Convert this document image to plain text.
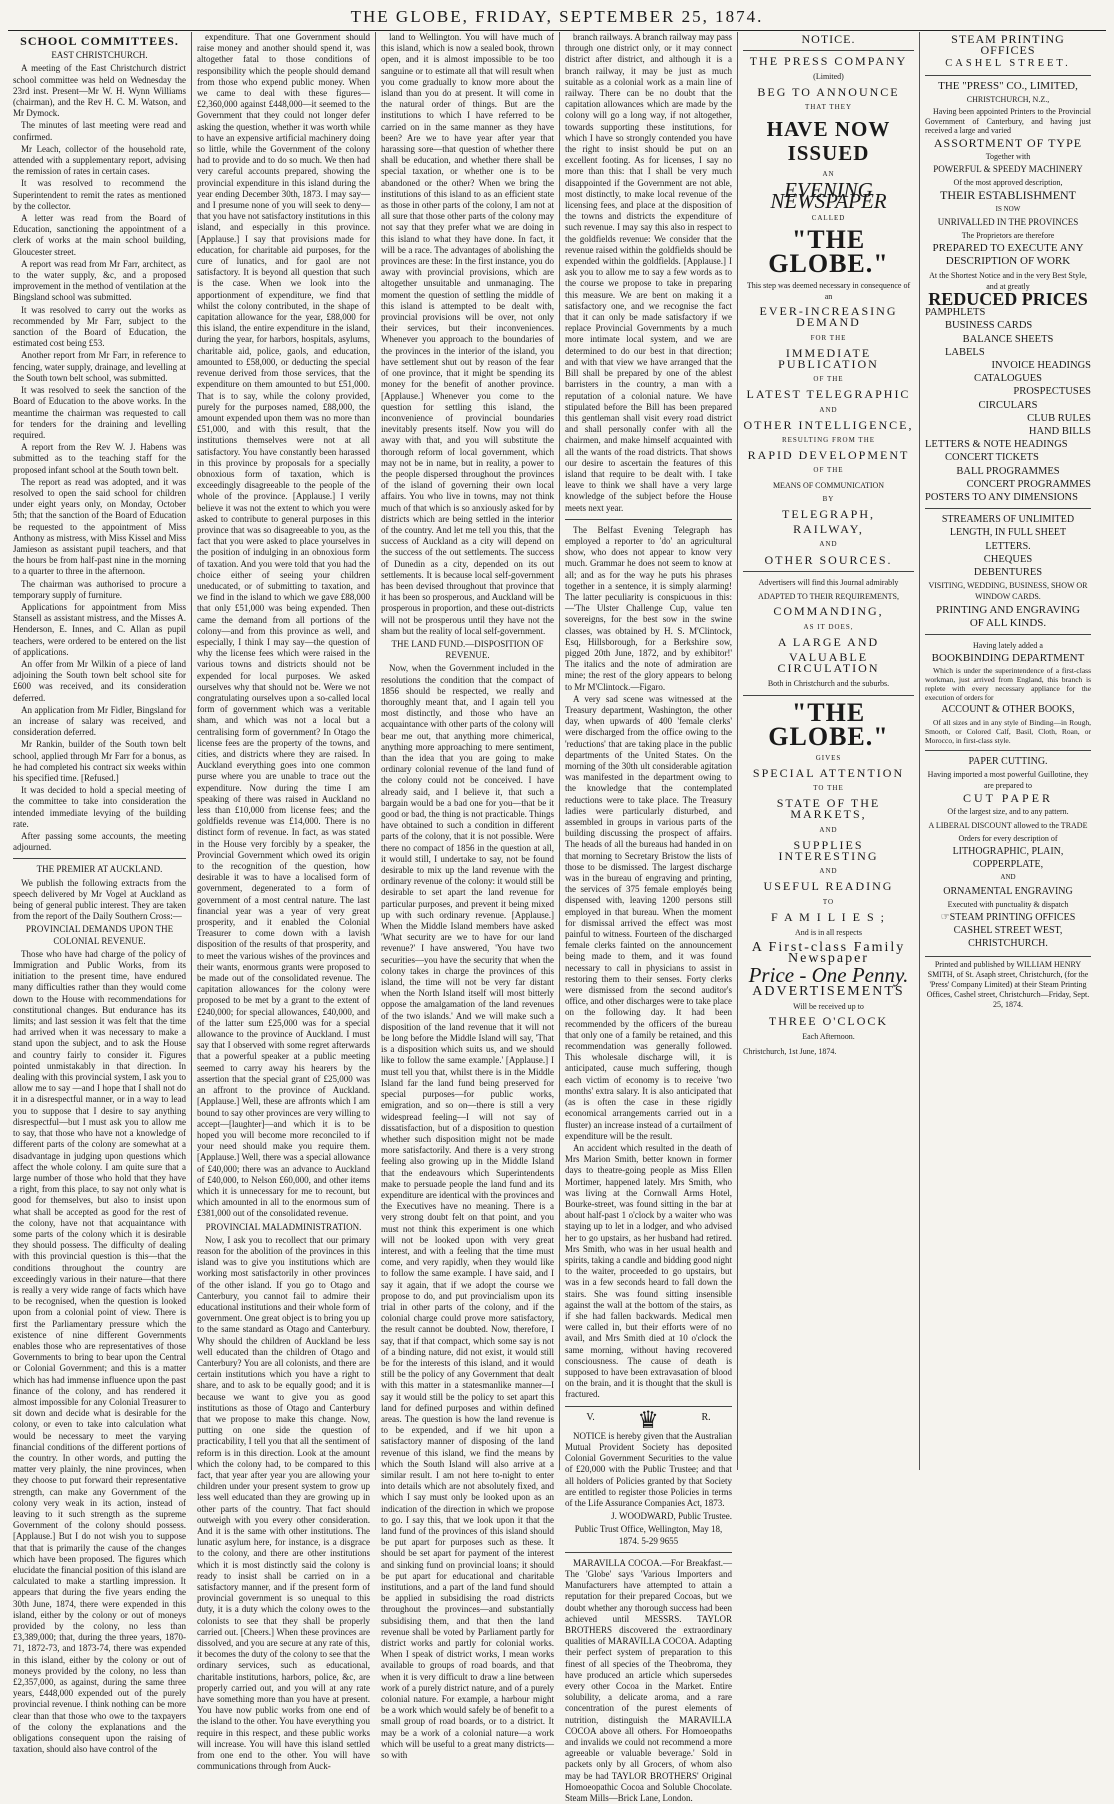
THE GLOBE, FRIDAY, SEPTEMBER 25, 1874.
SCHOOL COMMITTEES.
EAST CHRISTCHURCH.

A meeting of the East Christchurch district school committee was held on Wednesday the 23rd inst. Present—Mr W. H. Wynn Williams (chairman), and the Rev H. C. M. Watson, and Mr Dymock.

The minutes of last meeting were read and confirmed.

Mr Leach, collector of the household rate, attended with a supplementary report, advising the remission of rates in certain cases.

It was resolved to recommend the Superintendent to remit the rates as mentioned by the collector.

A letter was read from the Board of Education, sanctioning the appointment of a clerk of works at the main school building, Gloucester street.

A report was read from Mr Farr, architect, as to the water supply, &c, and a proposed improvement in the method of ventilation at the Bingsland school was submitted.

It was resolved to carry out the works as recommended by Mr Farr, subject to the sanction of the Board of Education, the estimated cost being £53.

Another report from Mr Farr, in reference to fencing, water supply, drainage, and levelling at the South town belt school, was submitted.

It was resolved to seek the sanction of the Board of Education to the above works. In the meantime the chairman was requested to call for tenders for the draining and levelling required.

A report from the Rev W. J. Habens was submitted as to the teaching staff for the proposed infant school at the South town belt.

The report as read was adopted, and it was resolved to open the said school for children under eight years only, on Monday, October 5th; that the sanction of the Board of Education be requested to the appointment of Miss Anthony as mistress, with Miss Kissel and Miss Jamieson as assistant pupil teachers, and that the hours be from half-past nine in the morning to a quarter to three in the afternoon.

The chairman was authorised to procure a temporary supply of furniture.

Applications for appointment from Miss Stansell as assistant mistress, and the Misses A. Henderson, E. Innes, and C. Allan as pupil teachers, were ordered to be entered on the list of applications.

An offer from Mr Wilkin of a piece of land adjoining the South town belt school site for £600 was received, and its consideration deferred.

An application from Mr Fidler, Bingsland for an increase of salary was received, and consideration deferred.

Mr Rankin, builder of the South town belt school, applied through Mr Farr for a bonus, as he had completed his contract six weeks within his specified time. [Refused.]

It was decided to hold a special meeting of the committee to take into consideration the intended immediate levying of the building rate.

After passing some accounts, the meeting adjourned.

THE PREMIER AT AUCKLAND.

We publish the following extracts from the speech delivered by Mr Vogel at Auckland as being of general public interest. They are taken from the report of the Daily Southern Cross:—

PROVINCIAL DEMANDS UPON THE COLONIAL REVENUE.

Those who have had charge of the policy of Immigration and Public Works, from its initiation to the present time, have endured many difficulties rather than they would come down to the House with recommendations for constitutional changes. But endurance has its limits; and last session it was felt that the time had arrived when it was necessary to make a stand upon the subject, and to ask the House and country fairly to consider it. Figures pointed unmistakably in that direction. In dealing with this provincial system, I ask you to allow me to say —and I hope that I shall not do it in a disrespectful manner, or in a way to lead you to suppose that I desire to say anything disrespectful—but I must ask you to allow me to say, that those who have not a knowledge of different parts of the colony are somewhat at a disadvantage in judging upon questions which affect the whole colony. I am quite sure that a large number of those who hold that they have a right, from this place, to say not only what is good for themselves, but also to insist upon what shall be accepted as good for the rest of the colony, have not that acquaintance with some parts of the colony which it is desirable they should possess. The difficulty of dealing with this provincial question is this—that the conditions throughout the country are exceedingly various in their nature—that there is really a very wide range of facts which have to be recognised, when the question is looked upon from a colonial point of view. There is first the Parliamentary pressure which the existence of nine different Governments enables those who are representatives of those Governments to bring to bear upon the Central or Colonial Government; and this is a matter which has had immense influence upon the past finance of the colony, and has rendered it almost impossible for any Colonial Treasurer to sit down and decide what is desirable for the colony, or even to take into calculation what would be necessary to meet the varying financial conditions of the different portions of the country. In other words, and putting the matter very plainly, the nine provinces, when they choose to put forward their representative strength, can make any Government of the colony very weak in its action, instead of leaving to it such strength as the supreme Government of the colony should possess. [Applause.] But I do not wish you to suppose that that is primarily the cause of the changes which have been proposed. The figures which elucidate the financial position of this island are calculated to make a startling impression. It appears that during the five years ending the 30th June, 1874, there were expended in this island, either by the colony or out of moneys provided by the colony, no less than £3,389,000; that, during the three years, 1870-71, 1872-73, and 1873-74, there was expended in this island, either by the colony or out of moneys provided by the colony, no less than £2,357,000, as against, during the same three years, £448,000 expended out of the purely provincial revenue. I think nothing can be more clear than that those who owe to the taxpayers of the colony the explanations and the obligations consequent upon the raising of taxation, should also have control of the

expenditure. That one Government should raise money and another should spend it, was altogether fatal to those conditions of responsibility which the people should demand from those who expend public money. When we came to deal with these figures—£2,360,000 against £448,000—it seemed to the Government that they could not longer defer asking the question, whether it was worth while to have an expensive artificial machinery doing so little, while the Government of the colony had to provide and to do so much. We then had very careful accounts prepared, showing the provincial expenditure in this island during the year ending December 30th, 1873. I may say—and I presume none of you will seek to deny—that you have not satisfactory institutions in this island, and especially in this province. [Applause.] I say that provisions made for education, for charitable aid purposes, for the cure of lunatics, and for gaol are not satisfactory. It is beyond all question that such is the case. When we look into the apportionment of expenditure, we find that whilst the colony contributed, in the shape of capitation allowance for the year, £88,000 for this island, the entire expenditure in the island, during the year, for harbors, hospitals, asylums, charitable aid, police, gaols, and education, amounted to £58,000, or deducting the special revenue derived from those services, that the expenditure on them amounted to but £51,000. That is to say, while the colony provided, purely for the purposes named, £88,000, the amount expended upon them was no more than £51,000, and with this result, that the institutions themselves were not at all satisfactory. You have constantly been harassed in this province by proposals for a specially obnoxious form of taxation, which is exceedingly disagreeable to the people of the whole of the province. [Applause.] I verily believe it was not the extent to which you were asked to contribute to general purposes in this province that was so disagreeable to you, as the fact that you were asked to place yourselves in the position of indulging in an obnoxious form of taxation. And you were told that you had the choice either of seeing your children uneducated, or of submitting to taxation, and we find in the island to which we gave £88,000 that only £51,000 was being expended. Then came the demand from all portions of the colony—and from this province as well, and especially, I think I may say—the question of why the license fees which were raised in the various towns and districts should not be expended for local purposes. We asked ourselves why that should not be. Were we not congratulating ourselves upon a so-called local form of government which was a veritable sham, and which was not a local but a centralising form of government? In Otago the license fees are the property of the towns, and cities, and districts where they are raised. In Auckland everything goes into one common purse where you are unable to trace out the expenditure. Now during the time I am speaking of there was raised in Auckland no less than £10,000 from license fees; and the goldfields revenue was £14,000. There is no distinct form of revenue. In fact, as was stated in the House very forcibly by a speaker, the Provincial Government which owed its origin to the recognition of the question, how desirable it was to have a localised form of government, degenerated to a form of government of a most central nature. The last financial year was a year of very great prosperity, and it enabled the Colonial Treasurer to come down with a lavish disposition of the results of that prosperity, and to meet the various wishes of the provinces and their wants, enormous grants were proposed to be made out of the consolidated revenue. The capitation allowances for the colony were proposed to be met by a grant to the extent of £240,000; for special allowances, £40,000, and of the latter sum £25,000 was for a special allowance to the province of Auckland. I must say that I observed with some regret afterwards that a powerful speaker at a public meeting seemed to carry away his hearers by the assertion that the special grant of £25,000 was an affront to the province of Auckland. [Applause.] Well, these are affronts which I am bound to say other provinces are very willing to accept—[laughter]—and which it is to be hoped you will become more reconciled to if your need should make you require them. [Applause.] Well, there was a special allowance of £40,000; there was an advance to Auckland of £40,000, to Nelson £60,000, and other items which it is unnecessary for me to recount, but which amounted in all to the enormous sum of £381,000 out of the consolidated revenue.

PROVINCIAL MALADMINISTRATION.

Now, I ask you to recollect that our primary reason for the abolition of the provinces in this island was to give you institutions which are working most satisfactorily in other provinces of the other island. If you go to Otago and Canterbury, you cannot fail to admire their educational institutions and their whole form of government. One great object is to bring you up to the same standard as Otago and Canterbury. Why should the children of Auckland be less well educated than the children of Otago and Canterbury? You are all colonists, and there are certain institutions which you have a right to share, and to ask to be equally good; and it is because we want to give you as good institutions as those of Otago and Canterbury that we propose to make this change. Now, putting on one side the question of practicability, I tell you that all the sentiment of reform is in this direction. Look at the amount which the colony had, to be compared to this fact, that year after year you are allowing your children under your present system to grow up less well educated than they are growing up in other parts of the country. That fact should outweigh with you every other consideration. And it is the same with other institutions. The lunatic asylum here, for instance, is a disgrace to the colony, and there are other institutions which it is most distinctly said the colony is ready to insist shall be carried on in a satisfactory manner, and if the present form of provincial government is so unequal to this duty, it is a duty which the colony owes to the colonists to see that they shall be properly carried out. [Cheers.] When these provinces are dissolved, and you are secure at any rate of this, it becomes the duty of the colony to see that the ordinary services, such as educational, charitable institutions, harbors, police, &c, are properly carried out, and you will at any rate have something more than you have at present. You have now public works from one end of the island to the other. You have everything you require in this respect, and these public works will increase. You will have this island settled from one end to the other. You will have communications through from Auck-

land to Wellington. You will have much of this island, which is now a sealed book, thrown open, and it is almost impossible to be too sanguine or to estimate all that will result when you come gradually to know more about the island than you do at present. It will come in the natural order of things. But are the institutions to which I have referred to be carried on in the same manner as they have been? Are we to have year after year that harassing sore—that question of whether there shall be education, and whether there shall be special taxation, or whether one is to be abandoned or the other? When we bring the institutions of this island to as an efficient state as those in other parts of the colony, I am not at all sure that those other parts of the colony may not say that they prefer what we are doing in this island to what they have done. In fact, it will be a race. The advantages of abolishing the provinces are these: In the first instance, you do away with provincial provisions, which are altogether unsuitable and unmanaging. The moment the question of settling the middle of this island is attempted to be dealt with, provincial provisions will be over, not only their services, but their inconveniences. Whenever you approach to the boundaries of the provinces in the interior of the island, you have settlement shut out by reason of the fear of one province, that it might be spending its money for the benefit of another province. [Applause.] Whenever you come to the question for settling this island, the inconvenience of provincial boundaries inevitably presents itself. Now you will do away with that, and you will substitute the thorough reform of local government, which may not be in name, but in reality, a power to the people dispersed throughout the provinces of the island of governing their own local affairs. You who live in towns, may not think much of that which is so anxiously asked for by districts which are being settled in the interior of the country. And let me tell you this, that the success of Auckland as a city will depend on the success of the out settlements. The success of Dunedin as a city, depended on its out settlements. It is because local self-government has been devised throughout that province that it has been so prosperous, and Auckland will be prosperous in proportion, and these out-districts will not be prosperous until they have not the sham but the reality of local self-government.

THE LAND FUND.—DISPOSITION OF REVENUE.

Now, when the Government included in the resolutions the condition that the compact of 1856 should be respected, we really and thoroughly meant that, and I again tell you most distinctly, and those who have an acquaintance with other parts of the colony will bear me out, that anything more chimerical, anything more approaching to mere sentiment, than the idea that you are going to make ordinary colonial revenue of the land fund of the colony could not be conceived. I have already said, and I believe it, that such a bargain would be a bad one for you—that be it good or bad, the thing is not practicable. Things have obtained to such a condition in different parts of the colony, that it is not possible. Were there no compact of 1856 in the question at all, it would still, I undertake to say, not be found desirable to mix up the land revenue with the ordinary revenue of the colony: it would still be desirable to set apart the land revenue for particular purposes, and prevent it being mixed up with such ordinary revenue. [Applause.] When the Middle Island members have asked 'What security are we to have for our land revenue?' I have answered, 'You have two securities—you have the security that when the colony takes in charge the provinces of this island, the time will not be very far distant when the North Island itself will most bitterly oppose the amalgamation of the land revenues of the two islands.' And we will make such a disposition of the land revenue that it will not be long before the Middle Island will say, 'That is a disposition which suits us, and we should like to follow the same example.' [Applause.] I must tell you that, whilst there is in the Middle Island far the land fund being preserved for special purposes—for public works, emigration, and so on—there is still a very widespread feeling—I will not say of dissatisfaction, but of a disposition to question whether such disposition might not be made more satisfactorily. And there is a very strong feeling also growing up in the Middle Island that the endeavours which Superintendents make to persuade people the land fund and its expenditure are identical with the provinces and the Executives have no meaning. There is a very strong doubt felt on that point, and you must not think this experiment is one which will not be looked upon with very great interest, and with a feeling that the time must come, and very rapidly, when they would like to follow the same example. I have said, and I say it again, that if we adopt the course we propose to do, and put provincialism upon its trial in other parts of the colony, and if the colonial charge could prove more satisfactory, the result cannot be doubted. Now, therefore, I say, that if that compact, which some say is not of a binding nature, did not exist, it would still be for the interests of this island, and it would still be the policy of any Government that dealt with this matter in a statesmanlike manner—I say it would still be the policy to set apart this land for defined purposes and within defined areas. The question is how the land revenue is to be expended, and if we hit upon a satisfactory manner of disposing of the land revenue of this island, we find the means by which the South Island will also arrive at a similar result. I am not here to-night to enter into details which are not absolutely fixed, and which I say must only be looked upon as an indication of the direction in which we propose to go. I say this, that we look upon it that the land fund of the provinces of this island should be put apart for purposes such as these. It should be set apart for payment of the interest and sinking fund on provincial loans; it should be put apart for educational and charitable institutions, and a part of the land fund should be applied in subsidising the road districts throughout the provinces—and substantially subsidising them, and that then the land revenue shall be voted by Parliament partly for district works and partly for colonial works. When I speak of district works, I mean works available to groups of road boards, and that when it is very difficult to draw a line between work of a purely district nature, and of a purely colonial nature. For example, a harbour might be a work which would safely be of benefit to a small group of road boards, or to a district. It may be a work of a colonial nature—a work which will be useful to a great many districts—so with

branch railways. A branch railway may pass through one district only, or it may connect district after district, and although it is a branch railway, it may be just as much suitable as a colonial work as a main line of railway. There can be no doubt that the capitation allowances which are made by the colony will go a long way, if not altogether, towards supporting these institutions, for which I have so strongly contended you have the right to insist should be put on an excellent footing. As for licenses, I say no more than this: that I shall be very much disappointed if the Government are not able, most distinctly, to make local revenue of the licensing fees, and place at the disposition of the towns and districts the expenditure of such revenue. I may say this also in respect to the goldfields revenue: We consider that the revenue raised within the goldfields should be expended within the goldfields. [Applause.] I ask you to allow me to say a few words as to the course we propose to take in preparing this measure. We are bent on making it a satisfactory one, and we recognise the fact that it can only be made satisfactory if we replace Provincial Governments by a much more intimate local system, and we are determined to do our best in that direction; and with that view we have arranged that the Bill shall be prepared by one of the ablest barristers in the country, a man with a reputation of a colonial nature. We have stipulated before the Bill has been prepared this gentleman shall visit every road district and shall personally confer with all the chairmen, and make himself acquainted with all the wants of the road districts. That shows our desire to ascertain the features of this island that require to be dealt with. I take leave to think we shall have a very large knowledge of the subject before the House meets next year.

The Belfast Evening Telegraph has employed a reporter to 'do' an agricultural show, who does not appear to know very much. Grammar he does not seem to know at all; and as for the way he puts his phrases together in a sentence, it is simply alarming! The latter peculiarity is conspicuous in this:—'The Ulster Challenge Cup, value ten sovereigns, for the best sow in the swine classes, was obtained by H. S. M'Clintock, Esq, Hillsborough, for a Berkshire sow, pigged 20th June, 1872, and by exhibitor!' The italics and the note of admiration are mine; the rest of the glory appears to belong to Mr M'Clintock.—Figaro.

A very sad scene was witnessed at the Treasury department, Washington, the other day, when upwards of 400 'female clerks' were discharged from the office owing to the 'reductions' that are taking place in the public departments of the United States. On the morning of the 30th ult considerable agitation was manifested in the department owing to the knowledge that the contemplated reductions were to take place. The Treasury ladies were particularly disturbed, and assembled in groups in various parts of the building discussing the prospect of affairs. The heads of all the bureaus had handed in on that morning to Secretary Bristow the lists of those to be dismissed. The largest discharge was in the bureau of engraving and printing, the services of 375 female employés being dispensed with, leaving 1200 persons still employed in that bureau. When the moment for dismissal arrived the effect was most painful to witness. Fourteen of the discharged female clerks fainted on the announcement being made to them, and it was found necessary to call in physicians to assist in restoring them to their senses. Forty clerks were dismissed from the second auditor's office, and other discharges were to take place on the following day. It had been recommended by the officers of the bureau that only one of a family be retained, and this recommendation was generally followed. This wholesale discharge will, it is anticipated, cause much suffering, though each victim of economy is to receive 'two months' extra salary. It is also anticipated that (as is often the case in these rigidly economical arrangements carried out in a fluster) an increase instead of a curtailment of expenditure will be the result.

An accident which resulted in the death of Mrs Marion Smith, better known in former days to theatre-going people as Miss Ellen Mortimer, happened lately. Mrs Smith, who was living at the Cornwall Arms Hotel, Bourke-street, was found sitting in the bar at about half-past 1 o'clock by a waiter who was staying up to let in a lodger, and who advised her to go upstairs, as her husband had retired. Mrs Smith, who was in her usual health and spirits, taking a candle and bidding good night to the waiter, proceeded to go upstairs, but was in a few seconds heard to fall down the stairs. She was found sitting insensible against the wall at the bottom of the stairs, as if she had fallen backwards. Medical men were called in, but their efforts were of no avail, and Mrs Smith died at 10 o'clock the same morning, without having recovered consciousness. The cause of death is supposed to have been extravasation of blood on the brain, and it is thought that the skull is fractured.

V. ♛	R.

NOTICE is hereby given that the Australian Mutual Provident Society has deposited Colonial Government Securities to the value of £20,000 with the Public Trustee; and that all holders of Policies granted by that Society are entitled to register those Policies in terms of the Life Assurance Companies Act, 1873.

J. WOODWARD, Public Trustee.
Public Trust Office, Wellington, May 18, 1874. 5-29 9655

MARAVILLA COCOA.—For Breakfast.—The 'Globe' says 'Various Importers and Manufacturers have attempted to attain a reputation for their prepared Cocoas, but we doubt whether any thorough success had been achieved until MESSRS. TAYLOR BROTHERS discovered the extraordinary qualities of MARAVILLA COCOA. Adapting their perfect system of preparation to this finest of all species of the Theobroma, they have produced an article which supersedes every other Cocoa in the Market. Entire solubility, a delicate aroma, and a rare concentration of the purest elements of nutrition, distinguish the MARAVILLA COCOA above all others. For Homoeopaths and invalids we could not recommend a more agreeable or valuable beverage.' Sold in packets only by all Grocers, of whom also may be had TAYLOR BROTHERS' Original Homoeopathic Cocoa and Soluble Chocolate. Steam Mills—Brick Lane, London.

NOTICE.
THE PRESS COMPANY
(Limited)
BEG TO ANNOUNCE
THAT THEY
HAVE NOW ISSUED
AN
EVENING NEWSPAPER
CALLED
"THE GLOBE."
This step was deemed necessary in consequence of an
EVER-INCREASING DEMAND
FOR THE
IMMEDIATE PUBLICATION
OF THE
LATEST TELEGRAPHIC
AND
OTHER INTELLIGENCE,
RESULTING FROM THE
RAPID DEVELOPMENT
OF THE
MEANS OF COMMUNICATION
BY
TELEGRAPH,
RAILWAY,
AND
OTHER SOURCES.
Advertisers will find this Journal admirably
ADAPTED TO THEIR REQUIREMENTS,
COMMANDING,
AS IT DOES,
A LARGE AND
VALUABLE CIRCULATION
Both in Christchurch and the suburbs.
"THE GLOBE."
GIVES
SPECIAL ATTENTION
TO THE
STATE OF THE MARKETS,
AND
SUPPLIES INTERESTING
AND
USEFUL READING
TO
F A M I L I E S ;
And is in all respects
A First-class Family Newspaper
Price - One Penny.
ADVERTISEMENTS
Will be received up to
THREE O'CLOCK
Each Afternoon.
Christchurch, 1st June, 1874.
STEAM PRINTING OFFICES
CASHEL STREET.
THE "PRESS" CO., LIMITED,
CHRISTCHURCH, N.Z.,

Having been appointed Printers to the Provincial Government of Canterbury, and having just received a large and varied

ASSORTMENT OF TYPE
Together with
POWERFUL & SPEEDY MACHINERY
Of the most approved description,
THEIR ESTABLISHMENT
IS NOW
UNRIVALLED IN THE PROVINCES
The Proprietors are therefore
PREPARED TO EXECUTE ANY
DESCRIPTION OF WORK
At the Shortest Notice and in the very Best Style, and at greatly
REDUCED PRICES
PAMPHLETS
BUSINESS CARDS
BALANCE SHEETS
LABELS
INVOICE HEADINGS
CATALOGUES
PROSPECTUSES
CIRCULARS
CLUB RULES
HAND BILLS
LETTERS & NOTE HEADINGS
CONCERT TICKETS
BALL PROGRAMMES
CONCERT PROGRAMMES
POSTERS TO ANY DIMENSIONS
STREAMERS OF UNLIMITED
LENGTH, IN FULL SHEET
LETTERS.
CHEQUES
DEBENTURES
VISITING, WEDDING, BUSINESS, SHOW OR WINDOW CARDS.
PRINTING AND ENGRAVING
OF ALL KINDS.
Having lately added a
BOOKBINDING DEPARTMENT

Which is under the superintendence of a first-class workman, just arrived from England, this branch is replete with every necessary appliance for the execution of orders for

ACCOUNT & OTHER BOOKS,

Of all sizes and in any style of Binding—in Rough, Smooth, or Colored Calf, Basil, Cloth, Roan, or Morocco, in first-class style.

PAPER CUTTING.
Having imported a most powerful Guillotine, they are prepared to
CUT PAPER
Of the largest size, and to any pattern.
A LIBERAL DISCOUNT allowed to the TRADE
Orders for every description of
LITHOGRAPHIC, PLAIN,
COPPERPLATE,
AND
ORNAMENTAL ENGRAVING
Executed with punctuality & dispatch
☞STEAM PRINTING OFFICES
CASHEL STREET WEST,
CHRISTCHURCH.
Printed and published by WILLIAM HENRY SMITH, of St. Asaph street, Christchurch, (for the 'Press' Company Limited) at their Steam Printing Offices, Cashel street, Christchurch—Friday, Sept. 25, 1874.
